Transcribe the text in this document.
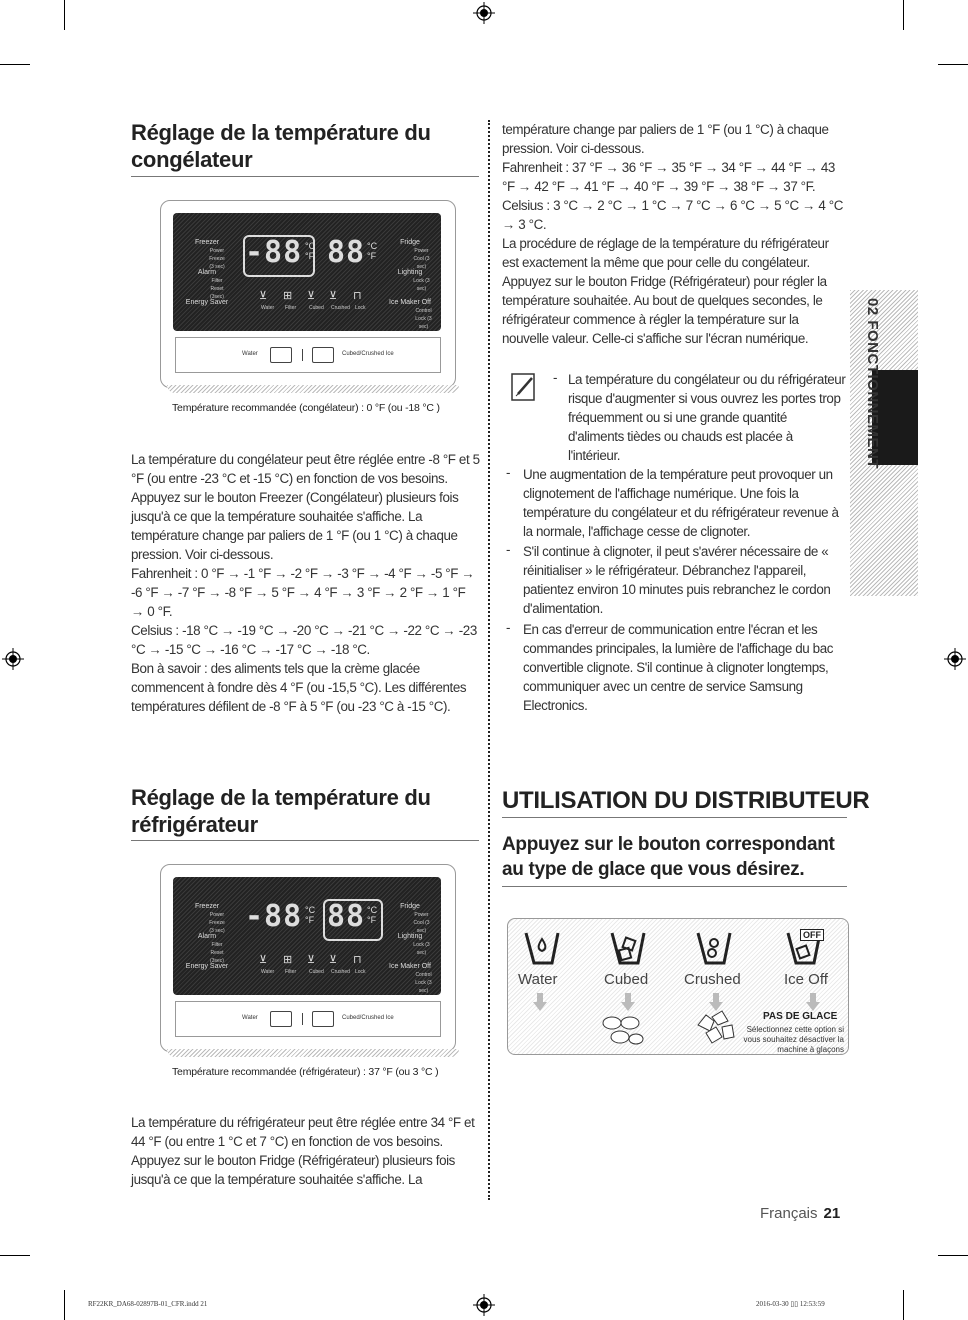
Réglage de la température du congélateur
Freezer

Power Freeze (3 sec)
Alarm

Filter Reset (3sec)
Energy Saver
-88 °C
°F 88 °C
°F
Fridge

Power Cool (3 sec)
Lighting

Lock (3 sec)
Ice Maker Off

Control Lock (3 sec)
Water Filter	Cubed Crushed Lock
⊻ ⊞ ⊻ ⊻ ⊓
Water	Cubed/Crushed Ice
Température recommandée (congélateur) : 0 °F (ou -18 °C )

La température du congélateur peut être réglée entre -8 °F et 5 °F (ou entre -23 °C et -15 °C) en fonction de vos besoins. Appuyez sur le bouton Freezer (Congélateur) plusieurs fois jusqu'à ce que la température souhaitée s'affiche. La température change par paliers de 1 °F (ou 1 °C) à chaque pression. Voir ci-dessous.

Fahrenheit : 0 °F → -1 °F → -2 °F → -3 °F → -4 °F → -5 °F → -6 °F → -7 °F → -8 °F → 5 °F → 4 °F → 3 °F → 2 °F → 1 °F → 0 °F.

Celsius : -18 °C → -19 °C → -20 °C → -21 °C → -22 °C → -23 °C → -15 °C → -16 °C → -17 °C → -18 °C.

Bon à savoir : des aliments tels que la crème glacée commencent à fondre dès 4 °F (ou -15,5 °C). Les différentes températures défilent de -8 °F à 5 °F (ou -23 °C à -15 °C).

Réglage de la température du réfrigérateur
Freezer

Power Freeze (3 sec)
Alarm

Filter Reset (3sec)
Energy Saver
-88 °C
°F 88 °C
°F
Fridge

Power Cool (3 sec)
Lighting

Lock (3 sec)
Ice Maker Off

Control Lock (3 sec)
Water Filter	Cubed Crushed Lock
⊻ ⊞ ⊻ ⊻ ⊓
Water	Cubed/Crushed Ice
Température recommandée (réfrigérateur) : 37 °F (ou 3 °C )

La température du réfrigérateur peut être réglée entre 34 °F et 44 °F (ou entre 1 °C et 7 °C) en fonction de vos besoins. Appuyez sur le bouton Fridge (Réfrigérateur) plusieurs fois jusqu'à ce que la température souhaitée s'affiche. La

température change par paliers de 1 °F (ou 1 °C) à chaque pression. Voir ci-dessous.

Fahrenheit : 37 °F → 36 °F → 35 °F → 34 °F → 44 °F → 43 °F → 42 °F → 41 °F → 40 °F → 39 °F → 38 °F → 37 °F.

Celsius : 3 °C → 2 °C → 1 °C → 7 °C → 6 °C → 5 °C → 4 °C → 3 °C.

La procédure de réglage de la température du réfrigérateur est exactement la même que pour celle du congélateur. Appuyez sur le bouton Fridge (Réfrigérateur) pour régler la température souhaitée. Au bout de quelques secondes, le réfrigérateur commence à régler la température sur la nouvelle valeur. Celle-ci s'affiche sur l'écran numérique.

- La température du congélateur ou du réfrigérateur risque d'augmenter si vous ouvrez les portes trop fréquemment ou si une grande quantité d'aliments tièdes ou chauds est placée à l'intérieur.
- Une augmentation de la température peut provoquer un clignotement de l'affichage numérique. Une fois la température du congélateur et du réfrigérateur revenue à la normale, l'affichage cesse de clignoter.
- S'il continue à clignoter, il peut s'avérer nécessaire de « réinitialiser » le réfrigérateur. Débranchez l'appareil, patientez environ 10 minutes puis rebranchez le cordon d'alimentation.
- En cas d'erreur de communication entre l'écran et les commandes principales, la lumière de l'affichage du bac convertible clignote. S'il continue à clignoter longtemps, communiquer avec un centre de service Samsung Electronics.
02 FONCTIONNEMENT
UTILISATION DU DISTRIBUTEUR
Appuyez sur le bouton correspondant au type de glace que vous désirez.
OFF
Water	Cubed Crushed	Ice Off
PAS DE GLACE
Sélectionnez cette option si vous souhaitez désactiver la machine à glaçons
Français 21
RF22KR_DA68-02897B-01_CFR.indd 21	2016-03-30 ▯▯ 12:53:59
